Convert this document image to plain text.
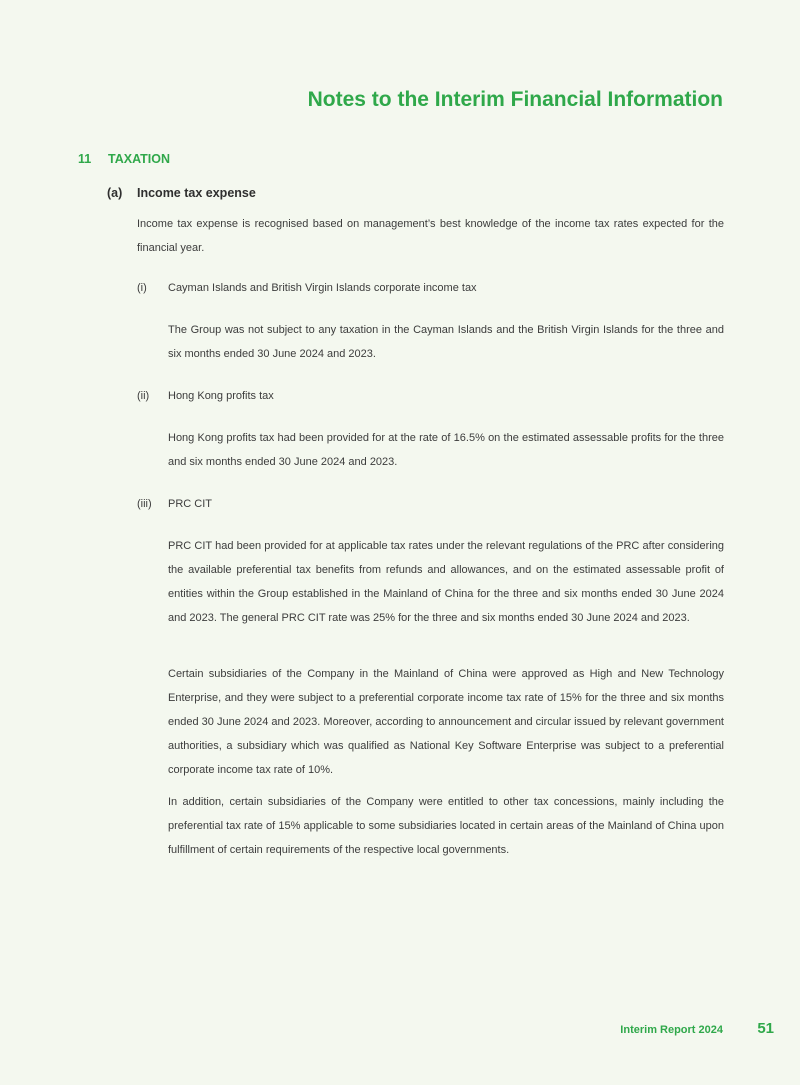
Notes to the Interim Financial Information
11 TAXATION
(a) Income tax expense
Income tax expense is recognised based on management’s best knowledge of the income tax rates expected for the financial year.
(i) Cayman Islands and British Virgin Islands corporate income tax
The Group was not subject to any taxation in the Cayman Islands and the British Virgin Islands for the three and six months ended 30 June 2024 and 2023.
(ii) Hong Kong profits tax
Hong Kong profits tax had been provided for at the rate of 16.5% on the estimated assessable profits for the three and six months ended 30 June 2024 and 2023.
(iii) PRC CIT
PRC CIT had been provided for at applicable tax rates under the relevant regulations of the PRC after considering the available preferential tax benefits from refunds and allowances, and on the estimated assessable profit of entities within the Group established in the Mainland of China for the three and six months ended 30 June 2024 and 2023. The general PRC CIT rate was 25% for the three and six months ended 30 June 2024 and 2023.
Certain subsidiaries of the Company in the Mainland of China were approved as High and New Technology Enterprise, and they were subject to a preferential corporate income tax rate of 15% for the three and six months ended 30 June 2024 and 2023. Moreover, according to announcement and circular issued by relevant government authorities, a subsidiary which was qualified as National Key Software Enterprise was subject to a preferential corporate income tax rate of 10%.
In addition, certain subsidiaries of the Company were entitled to other tax concessions, mainly including the preferential tax rate of 15% applicable to some subsidiaries located in certain areas of the Mainland of China upon fulfillment of certain requirements of the respective local governments.
Interim Report 2024 51
